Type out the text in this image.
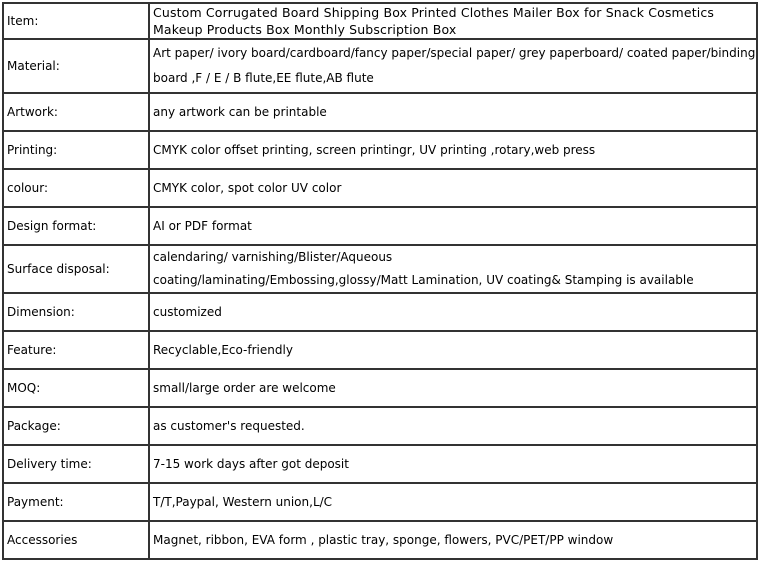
Item:	Custom Corrugated Board Shipping Box Printed Clothes Mailer Box for Snack Cosmetics
Makeup Products Box Monthly Subscription Box

Material:	Art paper/ ivory board/cardboard/fancy paper/special paper/ grey paperboard/ coated paper/binding
board ,F / E / B flute,EE flute,AB flute

Artwork:	any artwork can be printable

Printing:	CMYK color offset printing, screen printingr, UV printing ,rotary,web press

colour:	CMYK color, spot color UV color

Design format:	AI or PDF format

Surface disposal:	calendaring/ varnishing/Blister/Aqueous
coating/laminating/Embossing,glossy/Matt Lamination, UV coating& Stamping is available

Dimension:	customized

Feature:	Recyclable,Eco-friendly

MOQ:	small/large order are welcome

Package:	as customer's requested.

Delivery time:	7-15 work days after got deposit

Payment:	T/T,Paypal, Western union,L/C

Accessories	Magnet, ribbon, EVA form , plastic tray, sponge, flowers, PVC/PET/PP window
